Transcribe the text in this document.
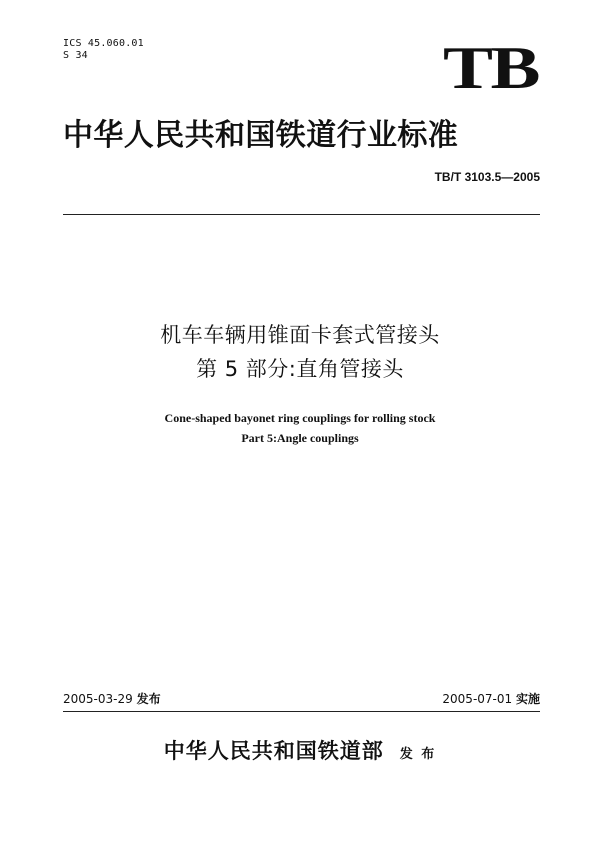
ICS 45.060.01
S 34	TB
中华人民共和国铁道行业标准
TB/T 3103.5—2005
机车车辆用锥面卡套式管接头
第 5 部分:直角管接头
Cone-shaped bayonet ring couplings for rolling stock
Part 5:Angle couplings
2005-03-29 发布	2005-07-01 实施
中华人民共和国铁道部 发 布
